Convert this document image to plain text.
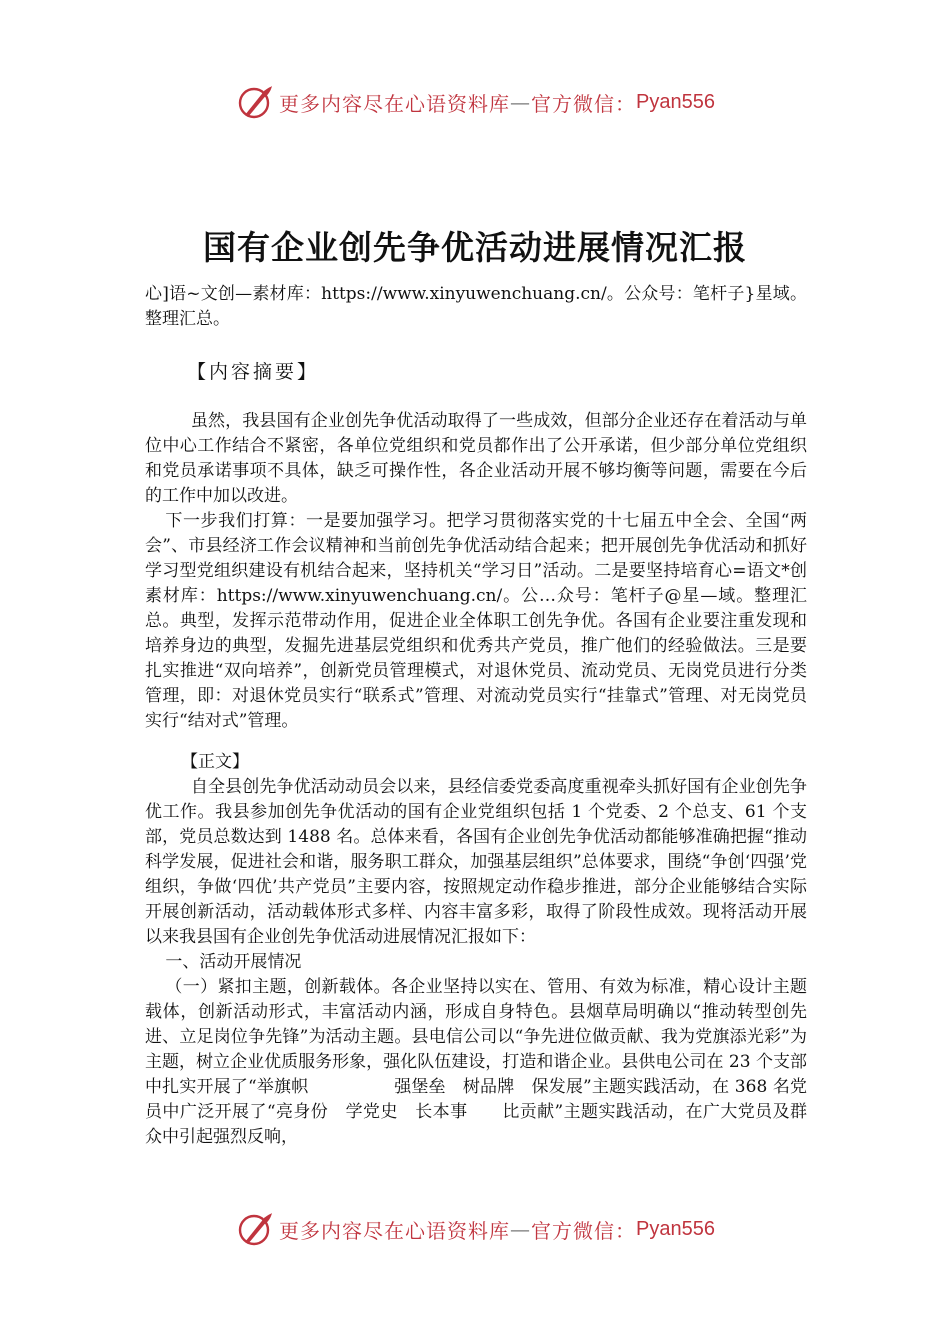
更多内容尽在心语资料库 — 官方微信： Pyan556
国有企业创先争优活动进展情况汇报

心]语~文创—素材库：https://www.xinyuwenchuang.cn/。公众号：笔杆子}星域。整理汇总。

【内容摘要】

虽然，我县国有企业创先争优活动取得了一些成效，但部分企业还存在着活动与单位中心工作结合不紧密，各单位党组织和党员都作出了公开承诺，但少部分单位党组织和党员承诺事项不具体，缺乏可操作性，各企业活动开展不够均衡等问题，需要在今后的工作中加以改进。

下一步我们打算：一是要加强学习。把学习贯彻落实党的十七届五中全会、全国“两会”、市县经济工作会议精神和当前创先争优活动结合起来；把开展创先争优活动和抓好学习型党组织建设有机结合起来，坚持机关“学习日”活动。二是要坚持培育心=语文*创素材库：https://www.xinyuwenchuang.cn/。公…众号：笔杆子@星—域。整理汇总。典型，发挥示范带动作用，促进企业全体职工创先争优。各国有企业要注重发现和培养身边的典型，发掘先进基层党组织和优秀共产党员，推广他们的经验做法。三是要扎实推进“双向培养”，创新党员管理模式，对退休党员、流动党员、无岗党员进行分类管理，即：对退休党员实行“联系式”管理、对流动党员实行“挂靠式”管理、对无岗党员实行“结对式”管理。

【正文】

自全县创先争优活动动员会以来，县经信委党委高度重视牵头抓好国有企业创先争优工作。我县参加创先争优活动的国有企业党组织包括 1 个党委、2 个总支、61 个支部，党员总数达到 1488 名。总体来看，各国有企业创先争优活动都能够准确把握“推动科学发展，促进社会和谐，服务职工群众，加强基层组织”总体要求，围绕“争创‘四强’党组织，争做‘四优’共产党员”主要内容，按照规定动作稳步推进，部分企业能够结合实际开展创新活动，活动载体形式多样、内容丰富多彩，取得了阶段性成效。现将活动开展以来我县国有企业创先争优活动进展情况汇报如下：

一、活动开展情况

（一）紧扣主题，创新载体。各企业坚持以实在、管用、有效为标准，精心设计主题载体，创新活动形式，丰富活动内涵，形成自身特色。县烟草局明确以“推动转型创先进、立足岗位争先锋”为活动主题。县电信公司以“争先进位做贡献、我为党旗添光彩”为主题，树立企业优质服务形象，强化队伍建设，打造和谐企业。县供电公司在 23 个支部中扎实开展了“举旗帜　　　　　强堡垒　树品牌　保发展”主题实践活动，在 368 名党员中广泛开展了“亮身份　学党史　长本事　　比贡献”主题实践活动，在广大党员及群众中引起强烈反响，

更多内容尽在心语资料库 — 官方微信： Pyan556
